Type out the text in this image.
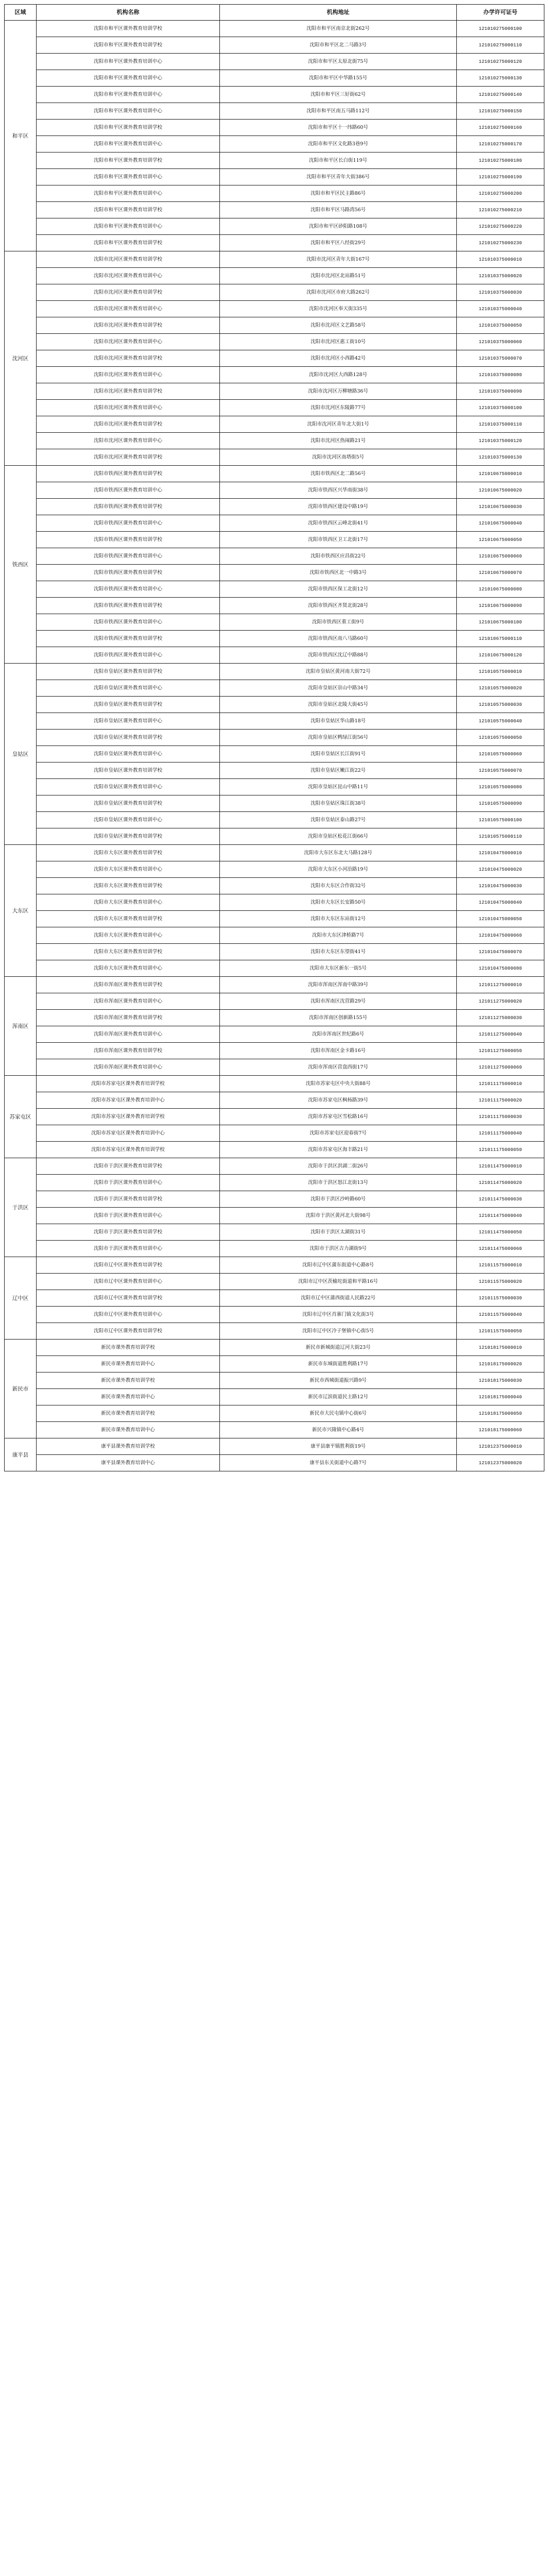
区域	机构名称	机构地址	办学许可证号
和平区	沈阳市和平区课外教育培训学校	沈阳市和平区南京北街262号	121010275000100
	沈阳市和平区课外教育培训学校	沈阳市和平区北二马路3号	121010275000110
	沈阳市和平区课外教育培训中心	沈阳市和平区太原北街75号	121010275000120
	沈阳市和平区课外教育培训中心	沈阳市和平区中华路155号	121010275000130
	沈阳市和平区课外教育培训中心	沈阳市和平区三好街62号	121010275000140
	沈阳市和平区课外教育培训中心	沈阳市和平区南五马路112号	121010275000150
	沈阳市和平区课外教育培训学校	沈阳市和平区十一纬路60号	121010275000160
	沈阳市和平区课外教育培训中心	沈阳市和平区文化路3巷9号	121010275000170
	沈阳市和平区课外教育培训学校	沈阳市和平区长白街119号	121010275000180
	沈阳市和平区课外教育培训中心	沈阳市和平区青年大街386号	121010275000190
	沈阳市和平区课外教育培训中心	沈阳市和平区民主路86号	121010275000200
	沈阳市和平区课外教育培训学校	沈阳市和平区马路湾56号	121010275000210
	沈阳市和平区课外教育培训中心	沈阳市和平区砂阳路108号	121010275000220
	沈阳市和平区课外教育培训学校	沈阳市和平区八经街29号	121010275000230
沈河区	沈阳市沈河区课外教育培训学校	沈阳市沈河区青年大街167号	121010375000010
	沈阳市沈河区课外教育培训中心	沈阳市沈河区北站路51号	121010375000020
	沈阳市沈河区课外教育培训学校	沈阳市沈河区市府大路262号	121010375000030
	沈阳市沈河区课外教育培训中心	沈阳市沈河区奉天街335号	121010375000040
	沈阳市沈河区课外教育培训学校	沈阳市沈河区文艺路58号	121010375000050
	沈阳市沈河区课外教育培训中心	沈阳市沈河区惠工街10号	121010375000060
	沈阳市沈河区课外教育培训学校	沈阳市沈河区小西路42号	121010375000070
	沈阳市沈河区课外教育培训中心	沈阳市沈河区大西路128号	121010375000080
	沈阳市沈河区课外教育培训学校	沈阳市沈河区万柳塘路36号	121010375000090
	沈阳市沈河区课外教育培训中心	沈阳市沈河区东陵路77号	121010375000100
	沈阳市沈河区课外教育培训学校	沈阳市沈河区青年北大街1号	121010375000110
	沈阳市沈河区课外教育培训中心	沈阳市沈河区热闹路21号	121010375000120
	沈阳市沈河区课外教育培训学校	沈阳市沈河区南塔街5号	121010375000130
铁西区	沈阳市铁西区课外教育培训学校	沈阳市铁西区北二路56号	121010675000010
	沈阳市铁西区课外教育培训中心	沈阳市铁西区兴华南街38号	121010675000020
	沈阳市铁西区课外教育培训学校	沈阳市铁西区建设中路19号	121010675000030
	沈阳市铁西区课外教育培训中心	沈阳市铁西区云峰北街41号	121010675000040
	沈阳市铁西区课外教育培训学校	沈阳市铁西区卫工北街17号	121010675000050
	沈阳市铁西区课外教育培训中心	沈阳市铁西区应昌街22号	121010675000060
	沈阳市铁西区课外教育培训学校	沈阳市铁西区北一中路3号	121010675000070
	沈阳市铁西区课外教育培训中心	沈阳市铁西区保工北街12号	121010675000080
	沈阳市铁西区课外教育培训学校	沈阳市铁西区齐贤北街28号	121010675000090
	沈阳市铁西区课外教育培训中心	沈阳市铁西区重工街9号	121010675000100
	沈阳市铁西区课外教育培训学校	沈阳市铁西区南八马路60号	121010675000110
	沈阳市铁西区课外教育培训中心	沈阳市铁西区沈辽中路88号	121010675000120
皇姑区	沈阳市皇姑区课外教育培训学校	沈阳市皇姑区黄河南大街72号	121010575000010
	沈阳市皇姑区课外教育培训中心	沈阳市皇姑区崇山中路34号	121010575000020
	沈阳市皇姑区课外教育培训学校	沈阳市皇姑区北陵大街45号	121010575000030
	沈阳市皇姑区课外教育培训中心	沈阳市皇姑区华山路18号	121010575000040
	沈阳市皇姑区课外教育培训学校	沈阳市皇姑区鸭绿江街56号	121010575000050
	沈阳市皇姑区课外教育培训中心	沈阳市皇姑区长江街91号	121010575000060
	沈阳市皇姑区课外教育培训学校	沈阳市皇姑区嫩江街22号	121010575000070
	沈阳市皇姑区课外教育培训中心	沈阳市皇姑区昆山中路11号	121010575000080
	沈阳市皇姑区课外教育培训学校	沈阳市皇姑区珠江街38号	121010575000090
	沈阳市皇姑区课外教育培训中心	沈阳市皇姑区泰山路27号	121010575000100
	沈阳市皇姑区课外教育培训学校	沈阳市皇姑区松花江街66号	121010575000110
大东区	沈阳市大东区课外教育培训学校	沈阳市大东区东北大马路128号	121010475000010
	沈阳市大东区课外教育培训中心	沈阳市大东区小河沿路19号	121010475000020
	沈阳市大东区课外教育培训学校	沈阳市大东区合作街32号	121010475000030
	沈阳市大东区课外教育培训中心	沈阳市大东区长安路50号	121010475000040
	沈阳市大东区课外教育培训学校	沈阳市大东区东站街12号	121010475000050
	沈阳市大东区课外教育培训中心	沈阳市大东区津桥路7号	121010475000060
	沈阳市大东区课外教育培训学校	沈阳市大东区东望街41号	121010475000070
	沈阳市大东区课外教育培训中心	沈阳市大东区新东一街5号	121010475000080
浑南区	沈阳市浑南区课外教育培训学校	沈阳市浑南区浑南中路39号	121011275000010
	沈阳市浑南区课外教育培训中心	沈阳市浑南区沈营路29号	121011275000020
	沈阳市浑南区课外教育培训学校	沈阳市浑南区创新路155号	121011275000030
	沈阳市浑南区课外教育培训中心	沈阳市浑南区世纪路6号	121011275000040
	沈阳市浑南区课外教育培训学校	沈阳市浑南区金卡路16号	121011275000050
	沈阳市浑南区课外教育培训中心	沈阳市浑南区营盘西街17号	121011275000060
苏家屯区	沈阳市苏家屯区课外教育培训学校	沈阳市苏家屯区中央大街88号	121011175000010
	沈阳市苏家屯区课外教育培训中心	沈阳市苏家屯区枫杨路39号	121011175000020
	沈阳市苏家屯区课外教育培训学校	沈阳市苏家屯区雪松路16号	121011175000030
	沈阳市苏家屯区课外教育培训中心	沈阳市苏家屯区迎春街7号	121011175000040
	沈阳市苏家屯区课外教育培训学校	沈阳市苏家屯区海丰路21号	121011175000050
于洪区	沈阳市于洪区课外教育培训学校	沈阳市于洪区洪湖二街26号	121011475000010
	沈阳市于洪区课外教育培训中心	沈阳市于洪区怒江北街13号	121011475000020
	沈阳市于洪区课外教育培训学校	沈阳市于洪区沙岭路60号	121011475000030
	沈阳市于洪区课外教育培训中心	沈阳市于洪区黄河北大街98号	121011475000040
	沈阳市于洪区课外教育培训学校	沈阳市于洪区太湖街31号	121011475000050
	沈阳市于洪区课外教育培训中心	沈阳市于洪区吉力湖街9号	121011475000060
辽中区	沈阳市辽中区课外教育培训学校	沈阳市辽中区蒲东街道中心路8号	121011575000010
	沈阳市辽中区课外教育培训中心	沈阳市辽中区茨榆坨街道和平路16号	121011575000020
	沈阳市辽中区课外教育培训学校	沈阳市辽中区蒲西街道人民路22号	121011575000030
	沈阳市辽中区课外教育培训中心	沈阳市辽中区肖寨门镇文化街3号	121011575000040
	沈阳市辽中区课外教育培训学校	沈阳市辽中区冷子堡镇中心街5号	121011575000050
新民市	新民市课外教育培训学校	新民市新城街道辽河大街23号	121018175000010
	新民市课外教育培训中心	新民市东城街道胜利路17号	121018175000020
	新民市课外教育培训学校	新民市西城街道振兴路9号	121018175000030
	新民市课外教育培训中心	新民市辽滨街道民主路12号	121018175000040
	新民市课外教育培训学校	新民市大民屯镇中心街6号	121018175000050
	新民市课外教育培训中心	新民市兴隆镇中心路4号	121018175000060
康平县	康平县课外教育培训学校	康平县康平镇胜利街19号	121012375000010
	康平县课外教育培训中心	康平县东关街道中心路7号	121012375000020
